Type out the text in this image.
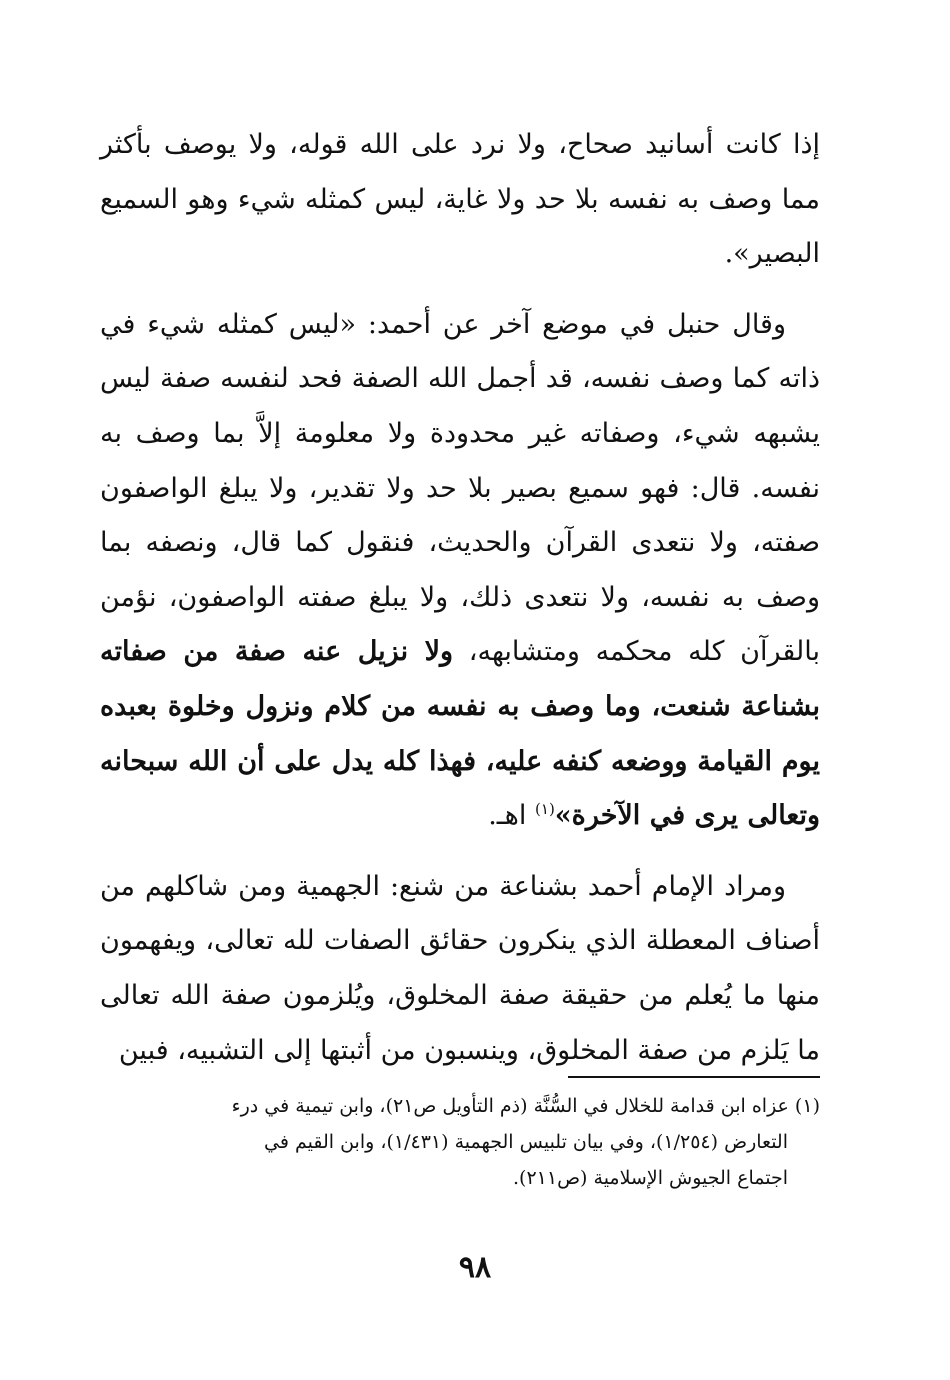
إذا كانت أسانيد صحاح، ولا نرد على الله قوله، ولا يوصف بأكثر مما وصف به نفسه بلا حد ولا غاية، ليس كمثله شيء وهو السميع البصير».

وقال حنبل في موضع آخر عن أحمد: «ليس كمثله شيء في ذاته كما وصف نفسه، قد أجمل الله الصفة فحد لنفسه صفة ليس يشبهه شيء، وصفاته غير محدودة ولا معلومة إلاَّ بما وصف به نفسه. قال: فهو سميع بصير بلا حد ولا تقدير، ولا يبلغ الواصفون صفته، ولا نتعدى القرآن والحديث، فنقول كما قال، ونصفه بما وصف به نفسه، ولا نتعدى ذلك، ولا يبلغ صفته الواصفون، نؤمن بالقرآن كله محكمه ومتشابهه، ولا نزيل عنه صفة من صفاته بشناعة شنعت، وما وصف به نفسه من كلام ونزول وخلوة بعبده يوم القيامة ووضعه كنفه عليه، فهذا كله يدل على أن الله سبحانه وتعالى يرى في الآخرة»$^{(١)}$ اهـ.

ومراد الإمام أحمد بشناعة من شنع: الجهمية ومن شاكلهم من أصناف المعطلة الذي ينكرون حقائق الصفات لله تعالى، ويفهمون منها ما يُعلم من حقيقة صفة المخلوق، ويُلزمون صفة الله تعالى ما يَلزم من صفة المخلوق، وينسبون من أثبتها إلى التشبيه، فبين

(١) عزاه ابن قدامة للخلال في السُّنَّة (ذم التأويل ص٢١)، وابن تيمية في درء

التعارض (١/٢٥٤)، وفي بيان تلبيس الجهمية (١/٤٣١)، وابن القيم في

اجتماع الجيوش الإسلامية (ص٢١١).

٩٨
